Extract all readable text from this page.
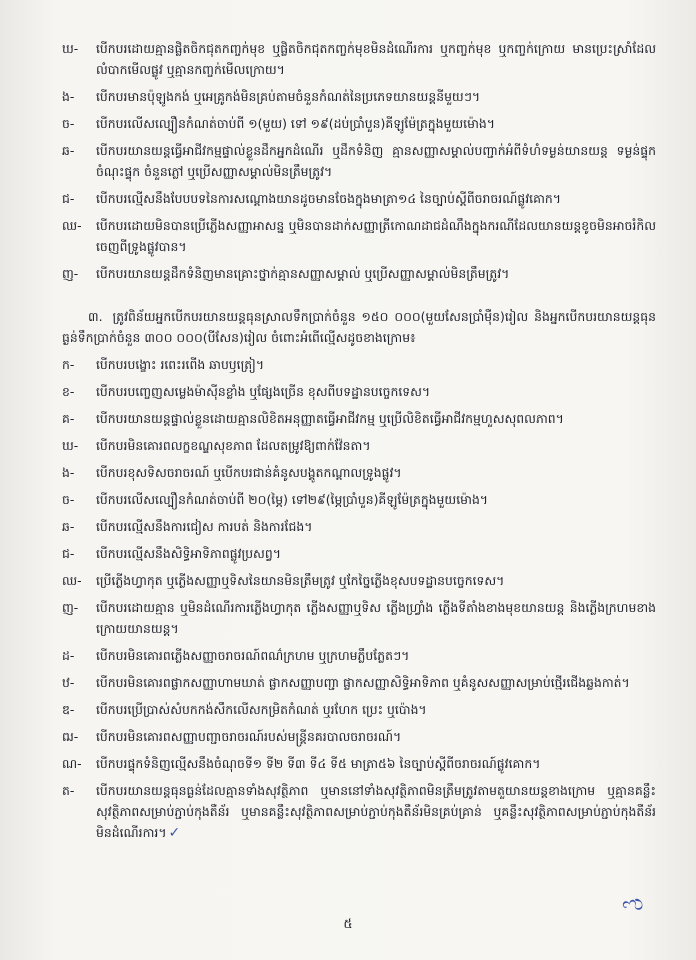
ឃ-	បើកបរដោយគ្មានផ្លិតចិកជុតកញ្ចក់មុខ ឬផ្លិតចិកជុតកញ្ចក់មុខមិនដំណើរការ ឬកញ្ចក់មុខ ឬកញ្ចក់ក្រោយ មានប្រេះស្រាំដែលលំបាកមើលផ្លូវ ឬគ្មានកញ្ចក់មើលក្រោយ។
ង-	បើកបរមានប៉ុឡូងកង់ ឬអេគ្រូកង់មិនគ្រប់តាមចំនួនកំណត់នៃប្រភេទយានយន្តនីមួយៗ។
ច-	បើកបរលើសល្បឿនកំណត់ចាប់ពី ១(មួយ) ទៅ ១៩(ដប់ប្រាំបួន)គីឡូម៉ែត្រក្នុងមួយម៉ោង។
ឆ-	បើកបរយានយន្តធ្វើអាជីវកម្មផ្ទាល់ខ្លួនដឹកអ្នកដំណើរ ឬដឹកទំនិញ គ្មានសញ្ញាសម្គាល់បញ្ជាក់អំពីទំហំទម្ងន់យានយន្ត ទម្ងន់ផ្ទុក ចំណុះផ្ទុក ចំនួនភ្លៅ ឬប្រើសញ្ញាសម្គាល់មិនត្រឹមត្រូវ។
ជ-	បើកបរល្មើសនឹងបែបបទនៃការសណ្តោងយានដូចមានចែងក្នុងមាត្រា១៤ នៃច្បាប់ស្តីពីចរាចរណ៍ផ្លូវគោក។
ឈ-	បើកបរដោយមិនបានប្រើភ្លើងសញ្ញាអាសន្ន ឬមិនបានដាក់សញ្ញាត្រីកោណដាជដំណឹងក្នុងករណីដែលយានយន្តខូចមិនអាចរំកិលចេញពីទ្រូងផ្លូវបាន។
ញ-	បើកបរយានយន្តដឹកទំនិញមានគ្រោះថ្នាក់គ្មានសញ្ញាសម្គាល់ ឬប្រើសញ្ញាសម្គាល់មិនត្រឹមត្រូវ។
៣. ត្រូវពិន័យអ្នកបើកបរយានយន្តធុនស្រាលទឹកប្រាក់ចំនួន ១៥០ ០០០(មួយសែនប្រាំម៉ឺន)រៀល និងអ្នកបើកបរយានយន្តធុនធ្ងន់ទឹកប្រាក់ចំនួន ៣០០ ០០០(បីសែន)រៀល ចំពោះអំពើល្មើសដូចខាងក្រោម៖
ក-	បើកបរបង្ខោះ រពេះរពើង ឆាបឫត្រៀ។
ខ-	បើកបរបញ្ចេញសម្លេងម៉ាស៊ីនខ្លាំង ឬផ្សែងច្រើន ខុសពីបទដ្ឋានបច្ចេកទេស។
គ-	បើកបរយានយន្តផ្ទាល់ខ្លួនដោយគ្មានលិខិតអនុញ្ញាតធ្វើអាជីវកម្ម ឬប្រើលិខិតធ្វើអាជីវកម្មហួសសុពលភាព។
ឃ-	បើកបរមិនគោរពលក្ខខណ្ឌសុខភាព ដែលតម្រូវឱ្យពាក់វ៉ែនតា។
ង-	បើកបរខុសទិសចរាចរណ៍ ឬបើកបរជាន់គំនូសបង្គូតកណ្តាលទ្រូងផ្លូវ។
ច-	បើកបរលើសល្បឿនកំណត់ចាប់ពី ២០(ម្ភៃ) ទៅ២៩(ម្ភៃប្រាំបួន)គីឡូម៉ែត្រក្នុងមួយម៉ោង។
ឆ-	បើកបរល្មើសនឹងការជៀស ការបត់ និងការជែង។
ជ-	បើកបរល្មើសនឹងសិទ្ធិអាទិភាពផ្លូវប្រសព្វ។
ឈ-	ប្រើភ្លើងហ្វាកុត ឬភ្លើងសញ្ញាឬទិសនៃយានមិនត្រឹមត្រូវ ឬកែច្នៃភ្លើងខុសបទដ្ឋានបច្ចេកទេស។
ញ-	បើកបរដោយគ្មាន ឬមិនដំណើរការភ្លើងហ្វាកុត ភ្លើងសញ្ញាឬទិស ភ្លើងហ្វ្រាំង ភ្លើងទីតាំងខាងមុខយានយន្ត និងភ្លើងក្រហមខាងក្រោយយានយន្ត។
ដ-	បើកបរមិនគោរពភ្លើងសញ្ញាចរាចរណ៍ពណ៌ក្រហម ឬក្រហមភ្លឹបភ្លែតៗ។
ឋ-	បើកបរមិនគោរពផ្លាកសញ្ញាហាមឃាត់ ផ្លាកសញ្ញាបញ្ជា ផ្លាកសញ្ញាសិទ្ធិអាទិភាព ឬគំនូសសញ្ញាសម្រាប់ថ្មើរជើងឆ្លងកាត់។
ឌ-	បើកបរប្រើប្រាស់សំបកកង់សឹកលើសកម្រិតកំណត់ ឬរហែក ប្រេះ ឬប៉ោង។
ឍ-	បើកបរមិនគោរពសញ្ញាបញ្ជាចរាចរណ៍របស់មន្ត្រីនគរបាលចរាចរណ៍។
ណ-	បើកបរផ្ទុកទំនិញល្មើសនឹងចំណុចទី១ ទី២ ទី៣ ទី៤ ទី៥ មាត្រា៥៦ នៃច្បាប់ស្តីពីចរាចរណ៍ផ្លូវគោក។
ត-	បើកបរយានយន្តធុនធ្ងន់ដែលគ្មានទាំងសុវត្ថិភាព ឬមាននៅទាំងសុវត្ថិភាពមិនត្រឹមត្រូវតាមតួយានយន្តខាងក្រោម ឬគ្មានគន្លឹះសុវត្ថិភាពសម្រាប់ភ្ជាប់កុងតឺន័រ ឬមានគន្លឹះសុវត្ថិភាពសម្រាប់ភ្ជាប់កុងតឺន័រមិនគ្រប់គ្រាន់ ឬគន្លឹះសុវត្ថិភាពសម្រាប់ភ្ជាប់កុងតឺន័រមិនដំណើរការ។ ✓
៥
ಌ
